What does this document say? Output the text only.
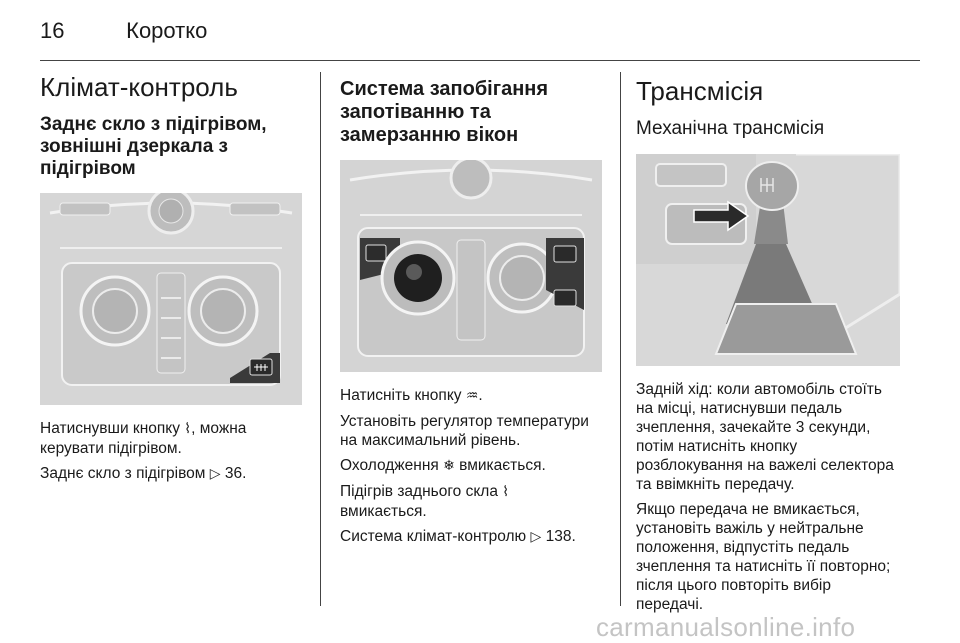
16	Коротко
Клімат-контроль
Заднє скло з підігрівом, зовнішні дзеркала з підігрівом

Натиснувши кнопку ⌇, можна керувати підігрівом.

Заднє скло з підігрівом ▷ 36.

Система запобігання запотіванню та замерзанню вікон

Натисніть кнопку ♒.

Установіть регулятор температури на максимальний рівень.

Охолодження ❄ вмикається.

Підігрів заднього скла ⌇
вмикається.

Система клімат-контролю ▷ 138.

Трансмісія
Механічна трансмісія

Задній хід: коли автомобіль стоїть на місці, натиснувши педаль зчеплення, зачекайте 3 секунди, потім натисніть кнопку розблокування на важелі селектора та ввімкніть передачу.

Якщо передача не вмикається, установіть важіль у нейтральне положення, відпустіть педаль зчеплення та натисніть її повторно; після цього повторіть вибір передачі.

carmanualsonline.info
